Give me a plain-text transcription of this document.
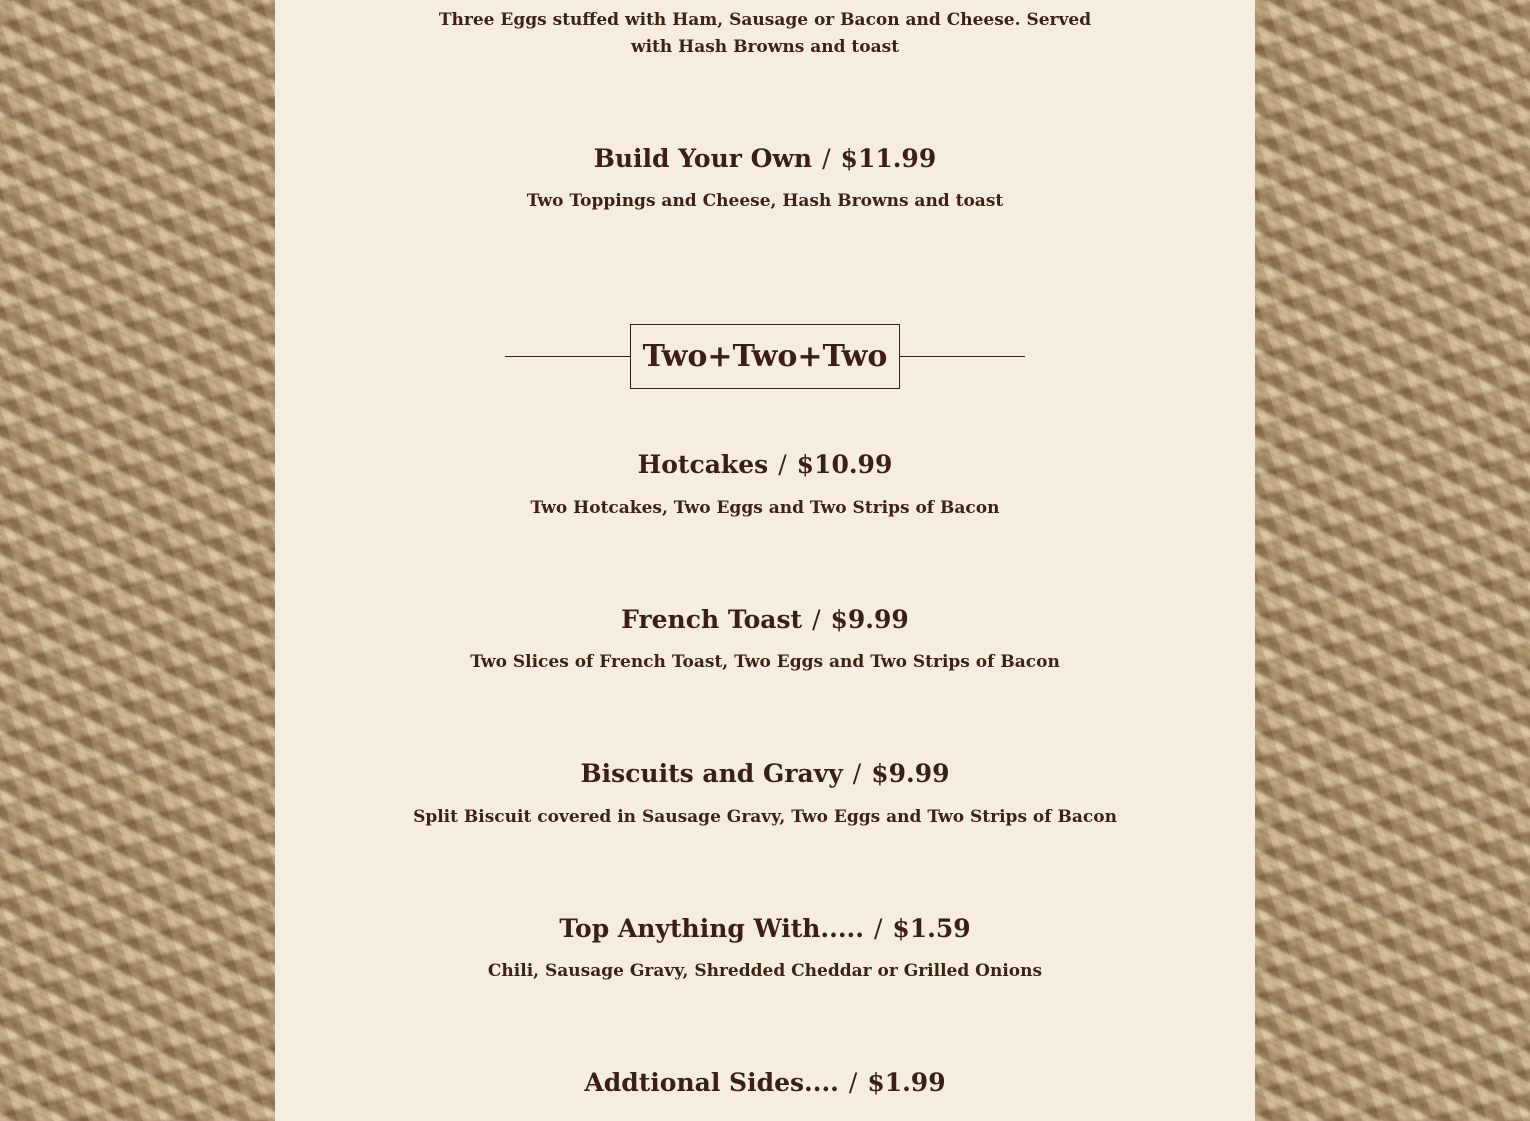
Three Eggs stuffed with Ham, Sausage or Bacon and Cheese. Served with Hash Browns and toast
Build Your Own / $11.99
Two Toppings and Cheese, Hash Browns and toast
Two+Two+Two
Hotcakes / $10.99
Two Hotcakes, Two Eggs and Two Strips of Bacon
French Toast / $9.99
Two Slices of French Toast, Two Eggs and Two Strips of Bacon
Biscuits and Gravy / $9.99
Split Biscuit covered in Sausage Gravy, Two Eggs and Two Strips of Bacon
Top Anything With..... / $1.59
Chili, Sausage Gravy, Shredded Cheddar or Grilled Onions
Addtional Sides.... / $1.99
